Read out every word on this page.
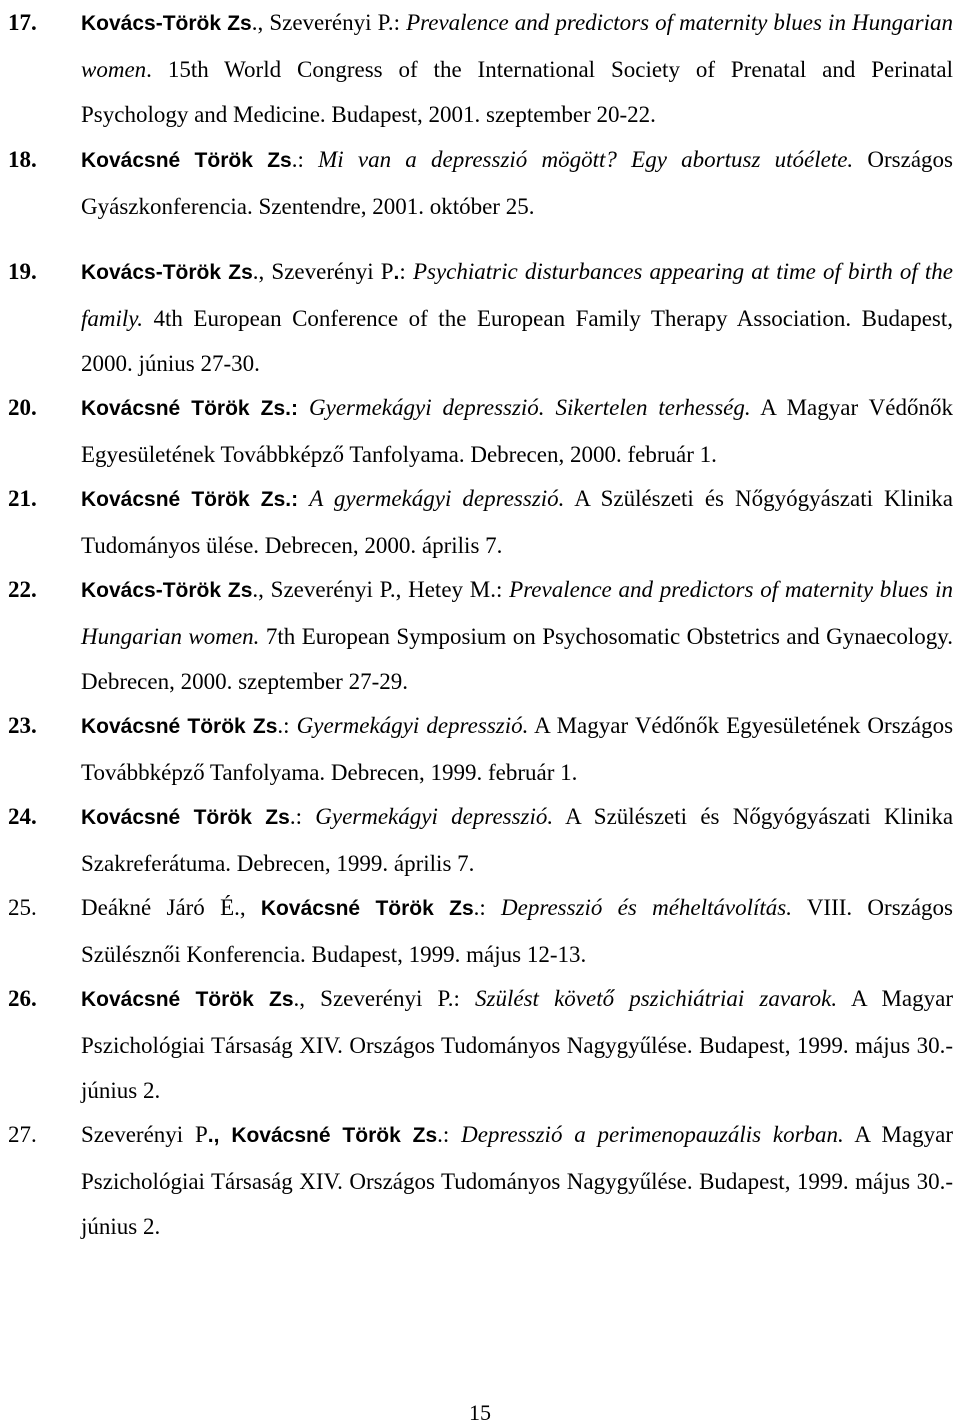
17. Kovács-Török Zs., Szeverényi P.: Prevalence and predictors of maternity blues in Hungarian women. 15th World Congress of the International Society of Prenatal and Perinatal Psychology and Medicine. Budapest, 2001. szeptember 20-22.
18. Kovácsné Török Zs.: Mi van a depresszió mögött? Egy abortusz utóélete. Országos Gyászkonferencia. Szentendre, 2001. október 25.
19. Kovács-Török Zs., Szeverényi P.: Psychiatric disturbances appearing at time of birth of the family. 4th European Conference of the European Family Therapy Association. Budapest, 2000. június 27-30.
20. Kovácsné Török Zs.: Gyermekágyi depresszió. Sikertelen terhesség. A Magyar Védőnők Egyesületének Továbbképző Tanfolyama. Debrecen, 2000. február 1.
21. Kovácsné Török Zs.: A gyermekágyi depresszió. A Szülészeti és Nőgyógyászati Klinika Tudományos ülése. Debrecen, 2000. április 7.
22. Kovács-Török Zs., Szeverényi P., Hetey M.: Prevalence and predictors of maternity blues in Hungarian women. 7th European Symposium on Psychosomatic Obstetrics and Gynaecology. Debrecen, 2000. szeptember 27-29.
23. Kovácsné Török Zs.: Gyermekágyi depresszió. A Magyar Védőnők Egyesületének Országos Továbbképző Tanfolyama. Debrecen, 1999. február 1.
24. Kovácsné Török Zs.: Gyermekágyi depresszió. A Szülészeti és Nőgyógyászati Klinika Szakreferátuma. Debrecen, 1999. április 7.
25. Deákné Járó É., Kovácsné Török Zs.: Depresszió és méheltávolítás. VIII. Országos Szülésznői Konferencia. Budapest, 1999. május 12-13.
26. Kovácsné Török Zs., Szeverényi P.: Szülést követő pszichiátriai zavarok. A Magyar Pszichológiai Társaság XIV. Országos Tudományos Nagygyűlése. Budapest, 1999. május 30.-június 2.
27. Szeverényi P., Kovácsné Török Zs.: Depresszió a perimenopauzális korban. A Magyar Pszichológiai Társaság XIV. Országos Tudományos Nagygyűlése. Budapest, 1999. május 30.-június 2.
15
